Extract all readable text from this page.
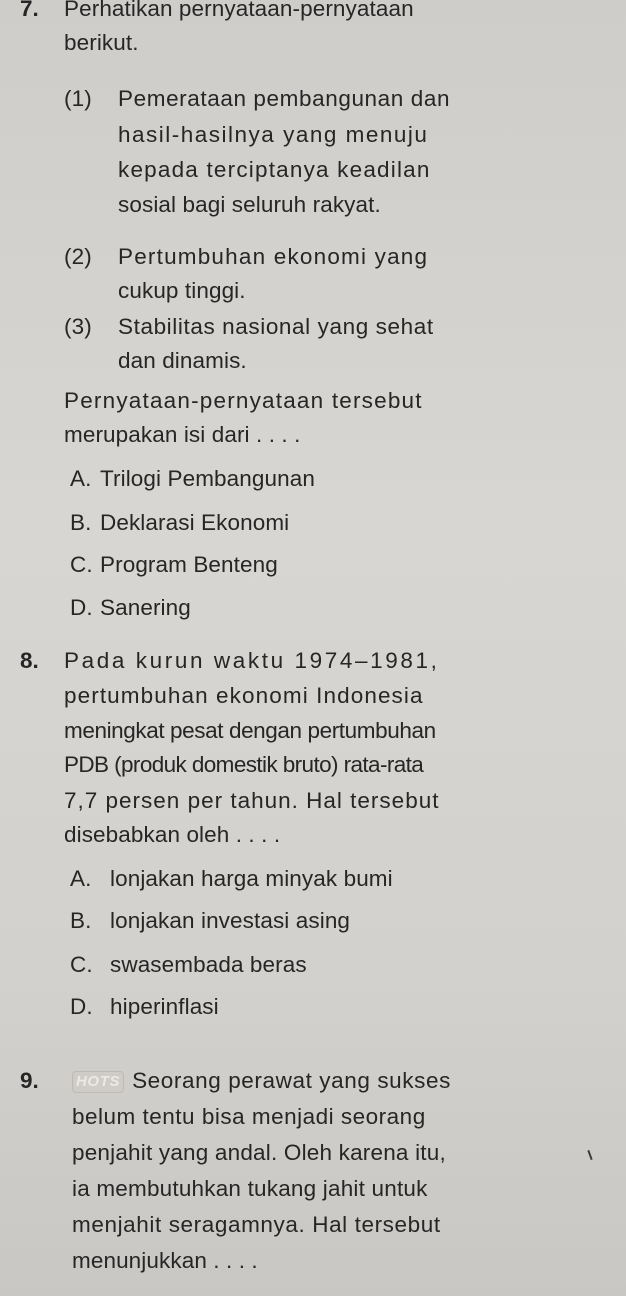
7. Perhatikan pernyataan-pernyataan
berikut.
(1) Pemerataan pembangunan dan
hasil-hasilnya yang menuju
kepada terciptanya keadilan
sosial bagi seluruh rakyat.
(2) Pertumbuhan ekonomi yang
cukup tinggi.
(3) Stabilitas nasional yang sehat
dan dinamis.
Pernyataan-pernyataan tersebut
merupakan isi dari . . . .
A. Trilogi Pembangunan
B. Deklarasi Ekonomi
C. Program Benteng
D. Sanering
8. Pada kurun waktu 1974–1981,
pertumbuhan ekonomi Indonesia
meningkat pesat dengan pertumbuhan
PDB (produk domestik bruto) rata-rata
7,7 persen per tahun. Hal tersebut
disebabkan oleh . . . .
A. lonjakan harga minyak bumi
B. lonjakan investasi asing
C. swasembada beras
D. hiperinflasi
9. HOTS Seorang perawat yang sukses
belum tentu bisa menjadi seorang
penjahit yang andal. Oleh karena itu,
ia membutuhkan tukang jahit untuk
menjahit seragamnya. Hal tersebut
menunjukkan . . . .
